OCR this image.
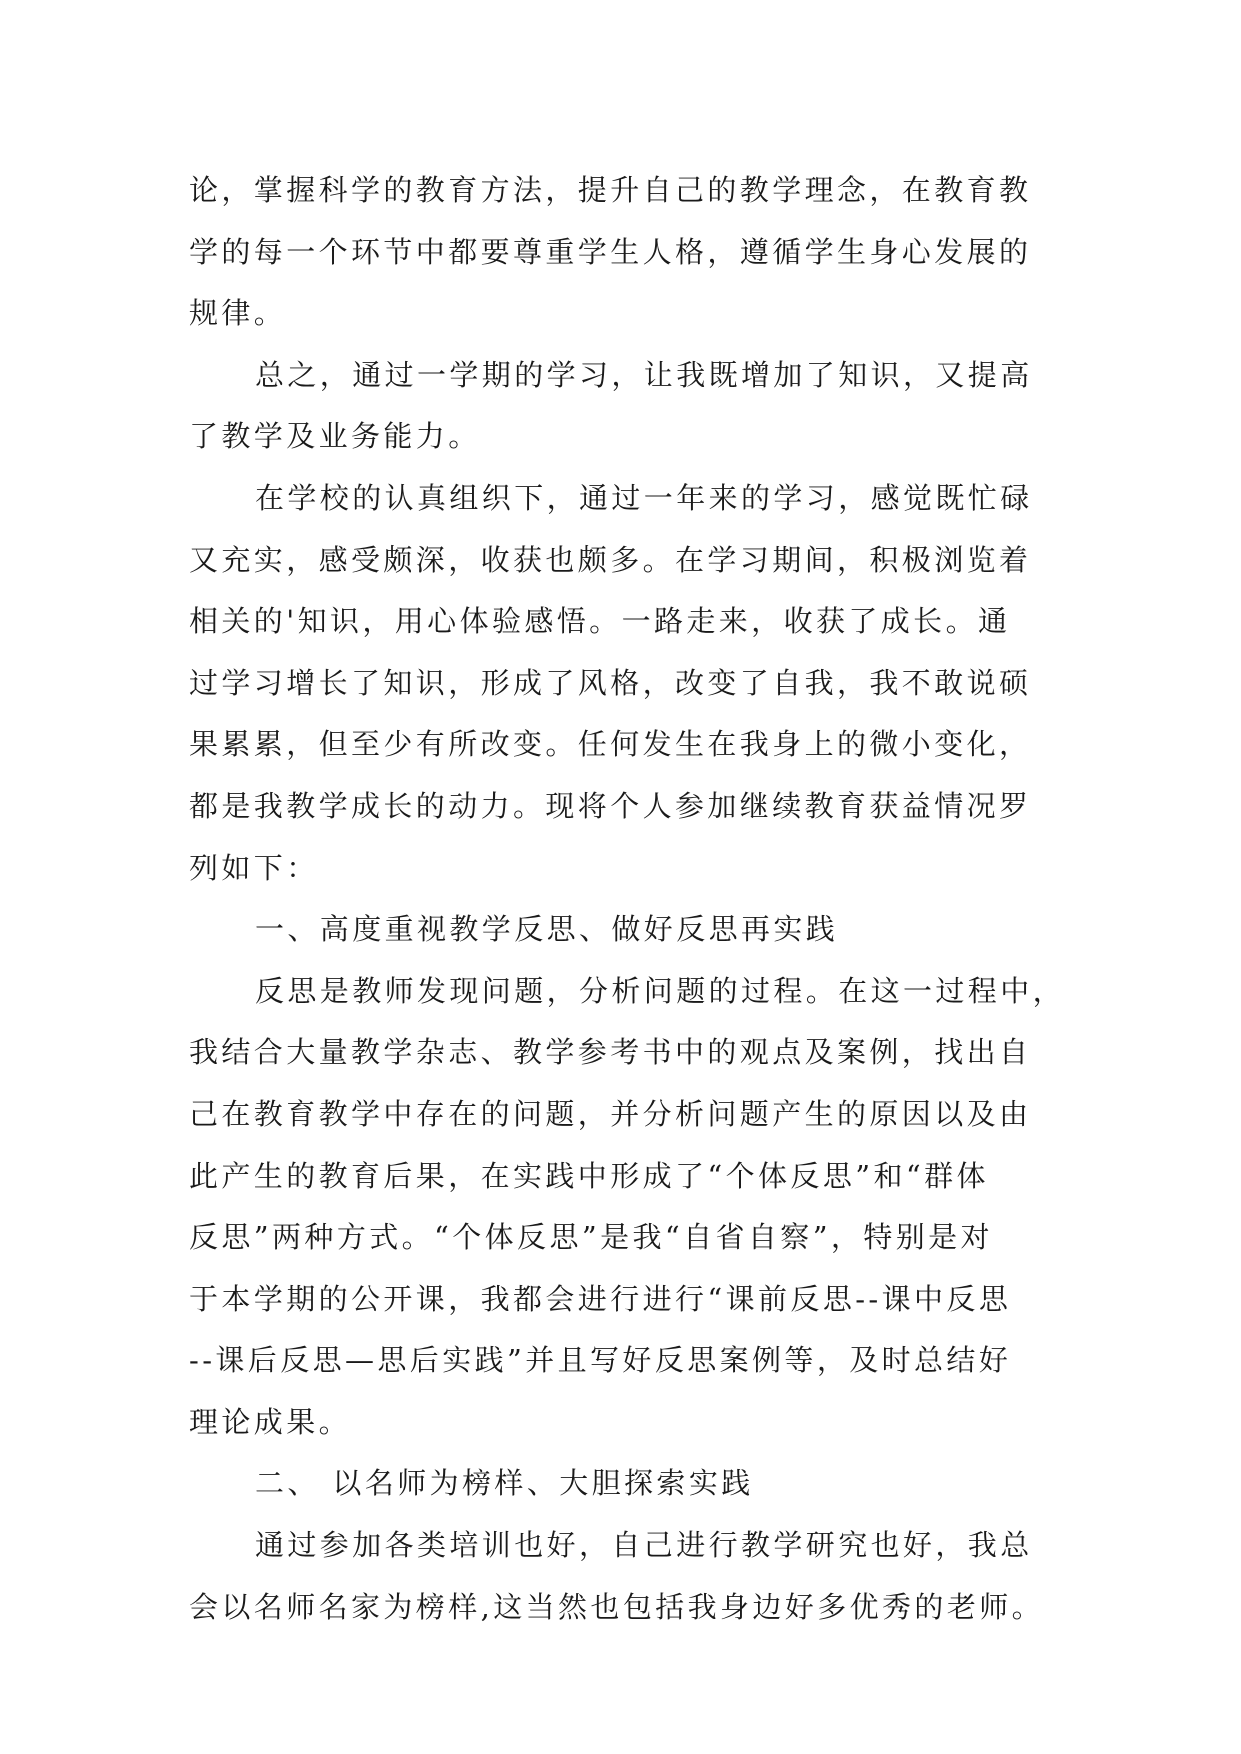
论，掌握科学的教育方法，提升自己的教学理念，在教育教
学的每一个环节中都要尊重学生人格，遵循学生身心发展的
规律。
总之，通过一学期的学习，让我既增加了知识，又提高
了教学及业务能力。
在学校的认真组织下，通过一年来的学习，感觉既忙碌
又充实，感受颇深，收获也颇多。在学习期间，积极浏览着
相关的'知识，用心体验感悟。一路走来，收获了成长。通
过学习增长了知识，形成了风格，改变了自我，我不敢说硕
果累累，但至少有所改变。任何发生在我身上的微小变化，
都是我教学成长的动力。现将个人参加继续教育获益情况罗
列如下：
一、高度重视教学反思、做好反思再实践
反思是教师发现问题，分析问题的过程。在这一过程中，
我结合大量教学杂志、教学参考书中的观点及案例，找出自
己在教育教学中存在的问题，并分析问题产生的原因以及由
此产生的教育后果，在实践中形成了“个体反思”和“群体
反思”两种方式。“个体反思”是我“自省自察”，特别是对
于本学期的公开课，我都会进行进行“课前反思--课中反思
--课后反思—思后实践”并且写好反思案例等，及时总结好
理论成果。
二、 以名师为榜样、大胆探索实践
通过参加各类培训也好，自己进行教学研究也好，我总
会以名师名家为榜样,这当然也包括我身边好多优秀的老师。
